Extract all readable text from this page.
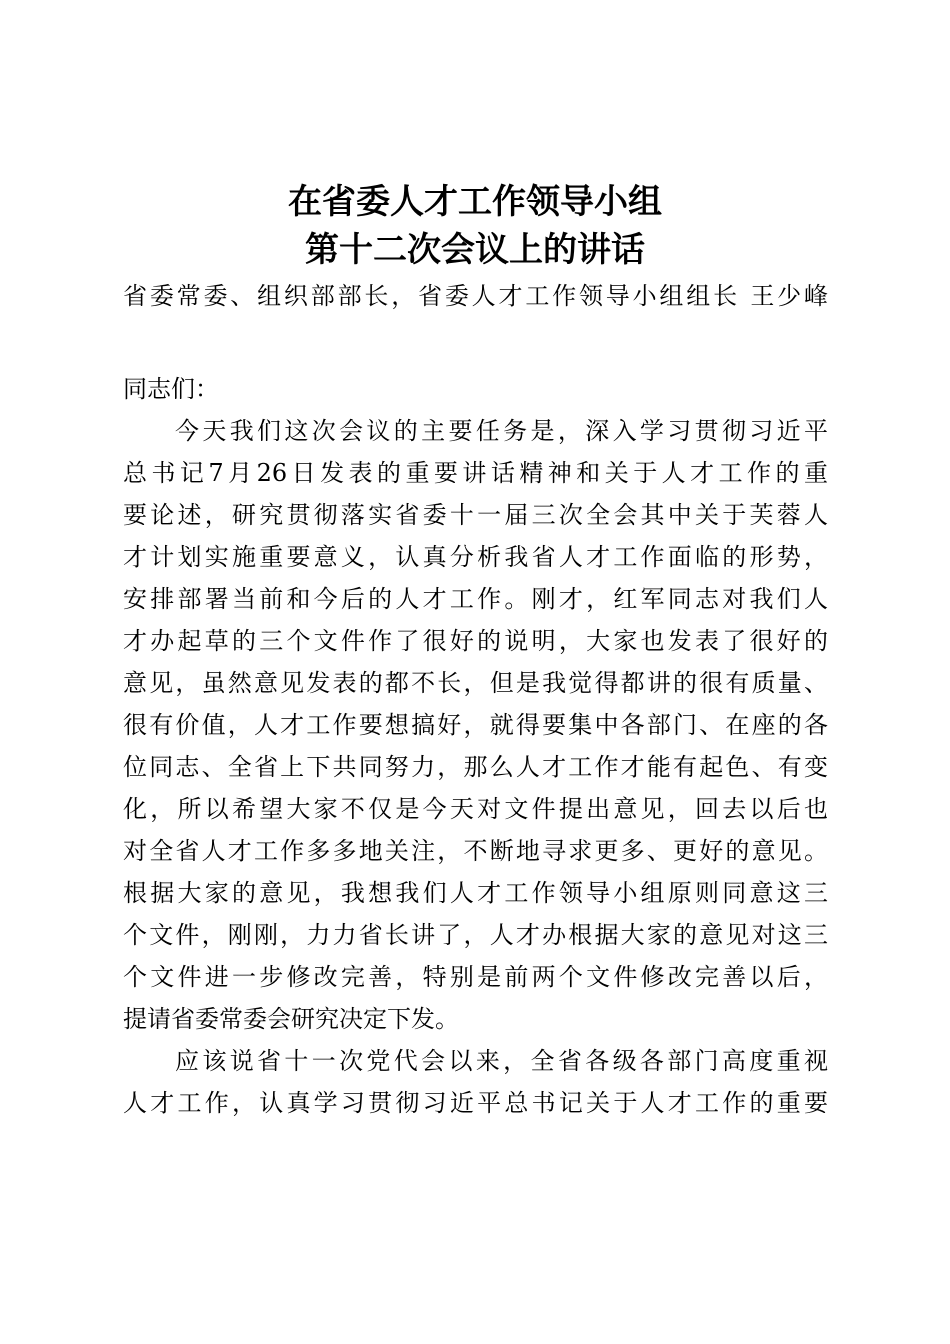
在省委人才工作领导小组
第十二次会议上的讲话
省委常委、组织部部长，省委人才工作领导小组组长 王少峰
同志们：
今天我们这次会议的主要任务是，深入学习贯彻习近平
总书记7月26日发表的重要讲话精神和关于人才工作的重
要论述，研究贯彻落实省委十一届三次全会其中关于芙蓉人
才计划实施重要意义，认真分析我省人才工作面临的形势，
安排部署当前和今后的人才工作。刚才，红军同志对我们人
才办起草的三个文件作了很好的说明，大家也发表了很好的
意见，虽然意见发表的都不长，但是我觉得都讲的很有质量、
很有价值，人才工作要想搞好，就得要集中各部门、在座的各
位同志、全省上下共同努力，那么人才工作才能有起色、有变
化，所以希望大家不仅是今天对文件提出意见，回去以后也
对全省人才工作多多地关注，不断地寻求更多、更好的意见。
根据大家的意见，我想我们人才工作领导小组原则同意这三
个文件，刚刚，力力省长讲了，人才办根据大家的意见对这三
个文件进一步修改完善，特别是前两个文件修改完善以后，
提请省委常委会研究决定下发。
应该说省十一次党代会以来，全省各级各部门高度重视
人才工作，认真学习贯彻习近平总书记关于人才工作的重要
